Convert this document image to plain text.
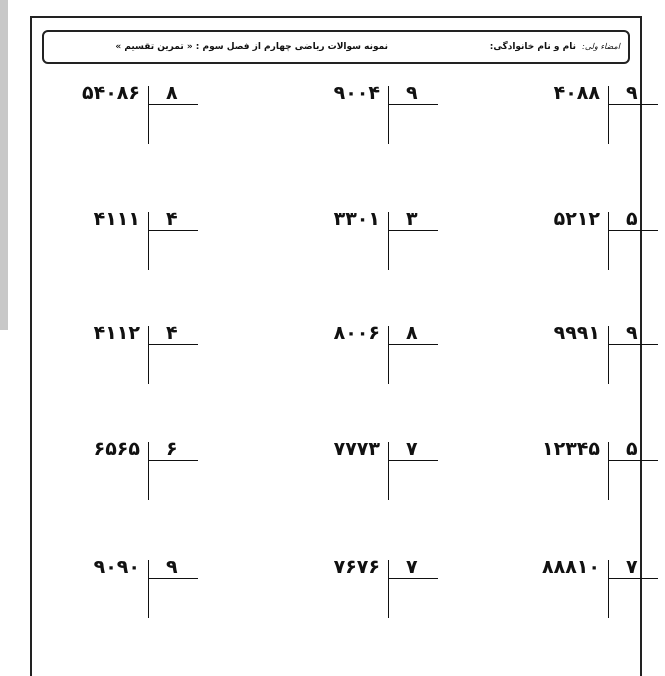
امضاء ولی:
نام و نام خانوادگی:
نمونه سوالات ریاضی چهارم از فصل سوم : « تمرین تقسیم »
۵۴۰۸۶ ۸	۹۰۰۴ ۹	۴۰۸۸ ۹
۴۱۱۱ ۴	۳۳۰۱ ۳	۵۲۱۲ ۵
۴۱۱۲ ۴	۸۰۰۶ ۸	۹۹۹۱ ۹
۶۵۶۵ ۶	۷۷۷۳ ۷	۱۲۳۴۵ ۵
۹۰۹۰ ۹	۷۶۷۶ ۷	۸۸۸۱۰ ۷
